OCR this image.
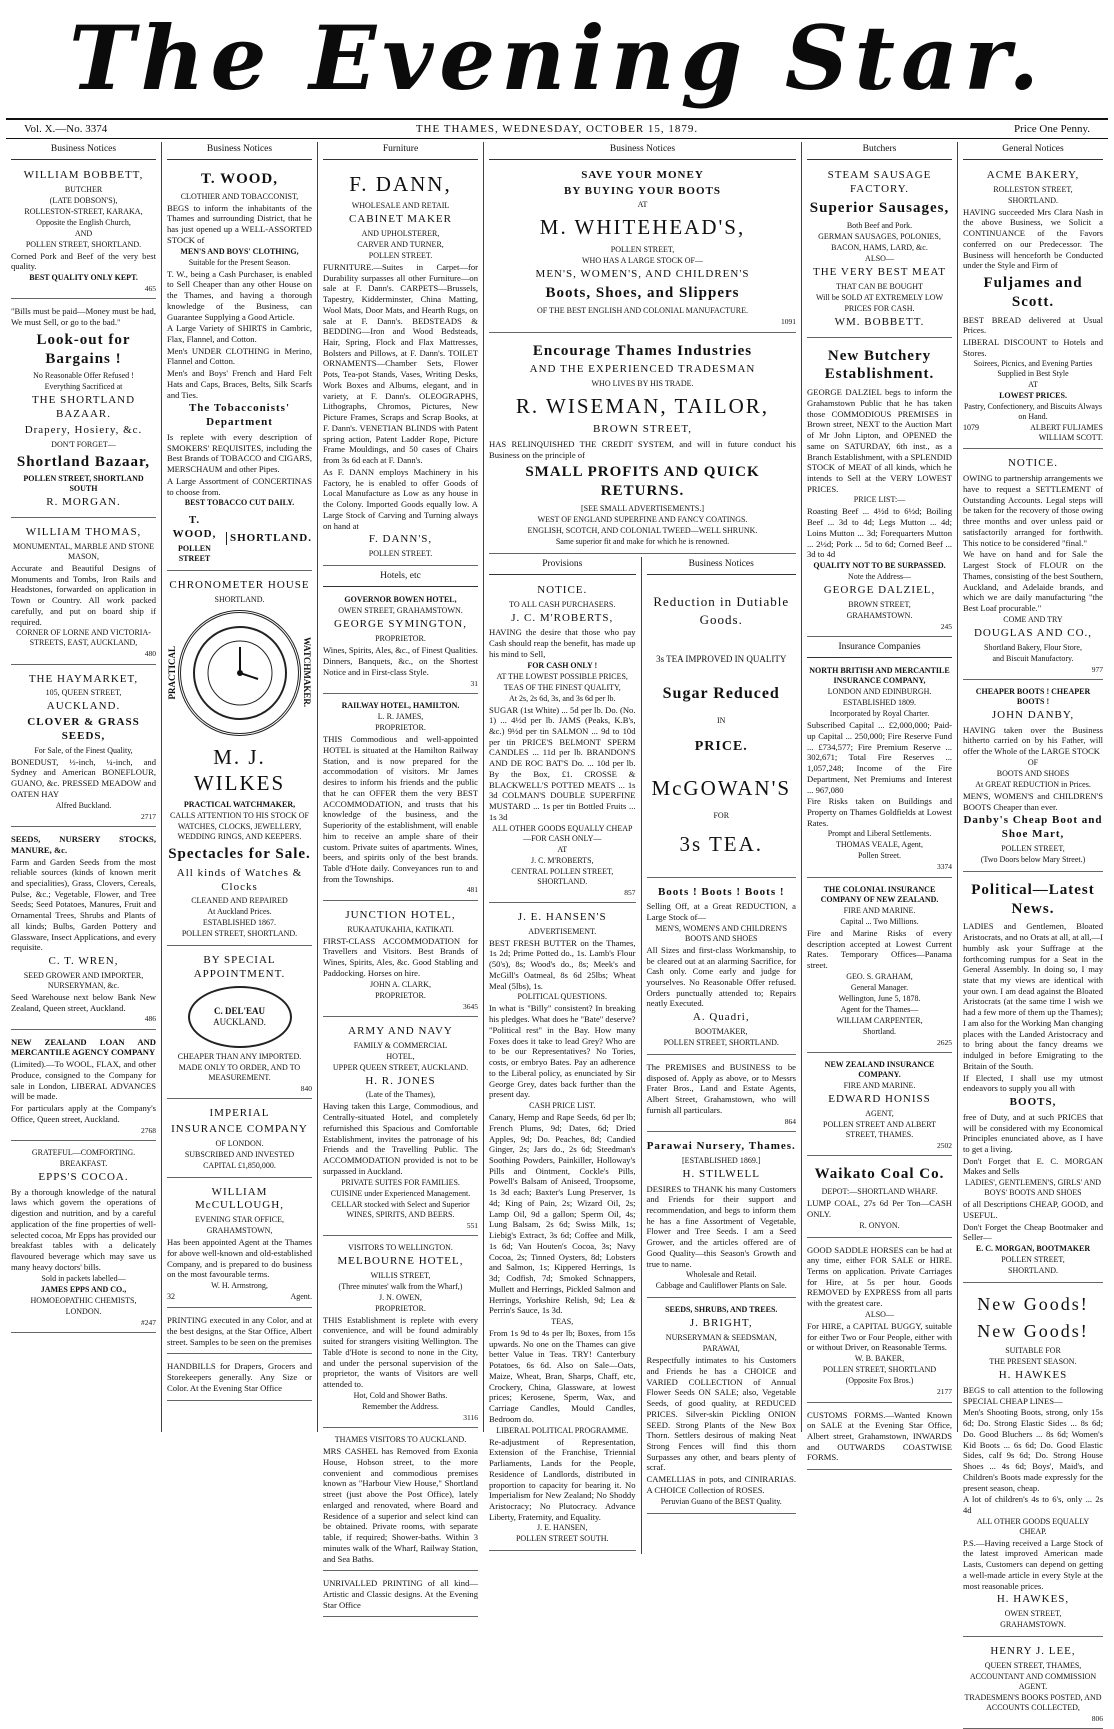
The Evening Star.
Vol. X.—No. 3374	THE THAMES, WEDNESDAY, OCTOBER 15, 1879.	Price One Penny.
Business Notices
WILLIAM BOBBETT,
BUTCHER
(LATE DOBSON'S),
ROLLESTON-STREET, KARAKA,
Opposite the English Church,
AND
POLLEN STREET, SHORTLAND.

Corned Pork and Beef of the very best quality.

BEST QUALITY ONLY KEPT.
465

"Bills must be paid—Money must be had, We must Sell, or go to the bad."

Look-out for Bargains !
No Reasonable Offer Refused !
Everything Sacrificed at
THE SHORTLAND BAZAAR.
Drapery, Hosiery, &c.
DON'T FORGET—
Shortland Bazaar,
POLLEN STREET, SHORTLAND SOUTH
R. MORGAN.
WILLIAM THOMAS,
MONUMENTAL, MARBLE AND STONE MASON,

Accurate and Beautiful Designs of Monuments and Tombs, Iron Rails and Headstones, forwarded on application in Town or Country. All work packed carefully, and put on board ship if required.

CORNER OF LORNE AND VICTORIA-STREETS, EAST, AUCKLAND,
480
THE HAYMARKET,
105, QUEEN STREET,
AUCKLAND.
CLOVER & GRASS SEEDS,
For Sale, of the Finest Quality,

BONEDUST, ½-inch, ¼-inch, and Sydney and American BONEFLOUR, GUANO, &c. PRESSED MEADOW and OATEN HAY

Alfred Buckland.
2717

SEEDS, NURSERY STOCKS, MANURE, &c.

Farm and Garden Seeds from the most reliable sources (kinds of known merit and specialities), Grass, Clovers, Cereals, Pulse, &c.; Vegetable, Flower, and Tree Seeds; Seed Potatoes, Manures, Fruit and Ornamental Trees, Shrubs and Plants of all kinds; Bulbs, Garden Pottery and Glassware, Insect Applications, and every requisite.

C. T. WREN,
SEED GROWER AND IMPORTER, NURSERYMAN, &c.

Seed Warehouse next below Bank New Zealand, Queen street, Auckland.

486

NEW ZEALAND LOAN AND MERCANTILE AGENCY COMPANY

(Limited).—To WOOL, FLAX, and other Produce, consigned to the Company for sale in London, LIBERAL ADVANCES will be made.

For particulars apply at the Company's Office, Queen street, Auckland.

2768
GRATEFUL—COMFORTING.
BREAKFAST.
EPPS'S COCOA.

By a thorough knowledge of the natural laws which govern the operations of digestion and nutrition, and by a careful application of the fine properties of well-selected cocoa, Mr Epps has provided our breakfast tables with a delicately flavoured beverage which may save us many heavy doctors' bills.

Sold in packets labelled—
JAMES EPPS AND CO.,
HOMOEOPATHIC CHEMISTS,
LONDON.
#247
Business Notices
T. WOOD,
CLOTHIER AND TOBACCONIST,

BEGS to inform the inhabitants of the Thames and surrounding District, that he has just opened up a WELL-ASSORTED STOCK of

MEN'S AND BOYS' CLOTHING,
Suitable for the Present Season.

T. W., being a Cash Purchaser, is enabled to Sell Cheaper than any other House on the Thames, and having a thorough knowledge of the Business, can Guarantee Supplying a Good Article.

A Large Variety of SHIRTS in Cambric, Flax, Flannel, and Cotton.

Men's UNDER CLOTHING in Merino, Flannel and Cotton.

Men's and Boys' French and Hard Felt Hats and Caps, Braces, Belts, Silk Scarfs and Ties.

The Tobacconists' Department

Is replete with every description of SMOKERS' REQUISITES, including the Best Brands of TOBACCO and CIGARS, MERSCHAUM and other Pipes.

A Large Assortment of CONCERTINAS to choose from.

BEST TOBACCO CUT DAILY.
T. WOOD,
POLLEN STREET
SHORTLAND.
CHRONOMETER HOUSE
SHORTLAND.
PRACTICAL	WATCHMAKER.
M. J. WILKES
PRACTICAL WATCHMAKER,
CALLS ATTENTION TO HIS STOCK OF
WATCHES, CLOCKS, JEWELLERY, WEDDING RINGS, AND KEEPERS.
Spectacles for Sale.
All kinds of Watches & Clocks
CLEANED AND REPAIRED
At Auckland Prices.
ESTABLISHED 1867.
POLLEN STREET, SHORTLAND.
BY SPECIAL APPOINTMENT.
C. DEL'EAU
AUCKLAND.
CHEAPER THAN ANY IMPORTED.
MADE ONLY TO ORDER, AND TO MEASUREMENT.
840
IMPERIAL
INSURANCE COMPANY
OF LONDON.
SUBSCRIBED AND INVESTED
CAPITAL £1,850,000.
WILLIAM McCULLOUGH,
EVENING STAR OFFICE,
GRAHAMSTOWN,

Has been appointed Agent at the Thames for above well-known and old-established Company, and is prepared to do business on the most favourable terms.

W. H. Armstrong,
32	Agent.

PRINTING executed in any Color, and at the best designs, at the Star Office, Albert street. Samples to be seen on the premises

HANDBILLS for Drapers, Grocers and Storekeepers generally. Any Size or Color. At the Evening Star Office

Furniture
F. DANN,
WHOLESALE AND RETAIL
CABINET MAKER
AND UPHOLSTERER,
CARVER AND TURNER,
POLLEN STREET.

FURNITURE.—Suites in Carpet—for Durability surpasses all other Furniture—on sale at F. Dann's. CARPETS—Brussels, Tapestry, Kidderminster, China Matting, Wool Mats, Door Mats, and Hearth Rugs, on sale at F. Dann's. BEDSTEADS & BEDDING—Iron and Wood Bedsteads, Hair, Spring, Flock and Flax Mattresses, Bolsters and Pillows, at F. Dann's. TOILET ORNAMENTS—Chamber Sets, Flower Pots, Tea-pot Stands, Vases, Writing Desks, Work Boxes and Albums, elegant, and in variety, at F. Dann's. OLEOGRAPHS, Lithographs, Chromos, Pictures, New Picture Frames, Scraps and Scrap Books, at F. Dann's. VENETIAN BLINDS with Patent spring action, Patent Ladder Rope, Picture Frame Mouldings, and 50 cases of Chairs from 3s 6d each at F. Dann's.

As F. DANN employs Machinery in his Factory, he is enabled to offer Goods of Local Manufacture as Low as any house in the Colony. Imported Goods equally low. A Large Stock of Carving and Turning always on hand at

F. DANN'S,
POLLEN STREET.
Hotels, etc
GOVERNOR BOWEN HOTEL,
OWEN STREET, GRAHAMSTOWN.
GEORGE SYMINGTON,
PROPRIETOR.

Wines, Spirits, Ales, &c., of Finest Qualities.

Dinners, Banquets, &c., on the Shortest Notice and in First-class Style.

31
RAILWAY HOTEL, HAMILTON.
L. R. JAMES,
PROPRIETOR.

THIS Commodious and well-appointed HOTEL is situated at the Hamilton Railway Station, and is now prepared for the accommodation of visitors. Mr James desires to inform his friends and the public that he can OFFER them the very BEST ACCOMMODATION, and trusts that his knowledge of the business, and the Superiority of the establishment, will enable him to receive an ample share of their custom. Private suites of apartments. Wines, beers, and spirits only of the best brands. Table d'Hote daily. Conveyances run to and from the Townships.

481
JUNCTION HOTEL,
RUKAATUKAHIA, KATIKATI.

FIRST-CLASS ACCOMMODATION for Travellers and Visitors. Best Brands of Wines, Spirits, Ales, &c. Good Stabling and Paddocking. Horses on hire.

JOHN A. CLARK,
PROPRIETOR.
3645
ARMY AND NAVY
FAMILY & COMMERCIAL
HOTEL,
UPPER QUEEN STREET, AUCKLAND.
H. R. JONES
(Late of the Thames),

Having taken this Large, Commodious, and Centrally-situated Hotel, and completely refurnished this Spacious and Comfortable Establishment, invites the patronage of his Friends and the Travelling Public. The ACCOMMODATION provided is not to be surpassed in Auckland.

PRIVATE SUITES FOR FAMILIES.
CUISINE under Experienced Management.
CELLAR stocked with Select and Superior WINES, SPIRITS, AND BEERS.
551
VISITORS TO WELLINGTON.
MELBOURNE HOTEL,
WILLIS STREET,
(Three minutes' walk from the Wharf,)
J. N. OWEN,
PROPRIETOR.

THIS Establishment is replete with every convenience, and will be found admirably suited for strangers visiting Wellington. The Table d'Hote is second to none in the City, and under the personal supervision of the proprietor, the wants of Visitors are well attended to.

Hot, Cold and Shower Baths.
Remember the Address.
3116
THAMES VISITORS TO AUCKLAND.

MRS CASHEL has Removed from Exonia House, Hobson street, to the more convenient and commodious premises known as "Harbour View House," Shortland street (just above the Post Office), lately enlarged and renovated, where Board and Residence of a superior and select kind can be obtained. Private rooms, with separate table, if required; Shower-baths. Within 3 minutes walk of the Wharf, Railway Station, and Sea Baths.

UNRIVALLED PRINTING of all kind—Artistic and Classic designs. At the Evening Star Office

Business Notices
SAVE YOUR MONEY
BY BUYING YOUR BOOTS
AT
M. WHITEHEAD'S,
POLLEN STREET,
WHO HAS A LARGE STOCK OF—
MEN'S, WOMEN'S, AND CHILDREN'S
Boots, Shoes, and Slippers
OF THE BEST ENGLISH AND COLONIAL MANUFACTURE.
1091
Encourage Thames Industries
AND THE EXPERIENCED TRADESMAN
WHO LIVES BY HIS TRADE.
R. WISEMAN, TAILOR,
BROWN STREET,

HAS RELINQUISHED THE CREDIT SYSTEM, and will in future conduct his Business on the principle of

SMALL PROFITS AND QUICK RETURNS.
[SEE SMALL ADVERTISEMENTS.]
WEST OF ENGLAND SUPERFINE AND FANCY COATINGS.
ENGLISH, SCOTCH, AND COLONIAL TWEED—WELL SHRUNK.
Same superior fit and make for which he is renowned.
Provisions
NOTICE.
TO ALL CASH PURCHASERS.
J. C. M'ROBERTS,

HAVING the desire that those who pay Cash should reap the benefit, has made up his mind to Sell,

FOR CASH ONLY !
AT THE LOWEST POSSIBLE PRICES,
TEAS OF THE FINEST QUALITY,
At 2s, 2s 6d, 3s, and 3s 6d per lb.

SUGAR (1st White) ... 5d per lb. Do. (No. 1) ... 4½d per lb. JAMS (Peaks, K.B's, &c.) 9½d per tin SALMON ... 9d to 10d per tin PRICE'S BELMONT SPERM CANDLES ... 11d per lb. BRANDON'S AND DE ROC BAT'S Do. ... 10d per lb. By the Box, £1. CROSSE & BLACKWELL'S POTTED MEATS ... 1s 3d COLMAN'S DOUBLE SUPERFINE MUSTARD ... 1s per tin Bottled Fruits ... 1s 3d

ALL OTHER GOODS EQUALLY CHEAP —FOR CASH ONLY—
AT
J. C. M'ROBERTS,
CENTRAL POLLEN STREET, SHORTLAND.
857
J. E. HANSEN'S
ADVERTISEMENT.

BEST FRESH BUTTER on the Thames, 1s 2d; Prime Potted do., 1s. Lamb's Flour (50's), 8s; Wood's do., 8s; Meek's and McGill's Oatmeal, 8s 6d 25lbs; Wheat Meal (5lbs), 1s.

POLITICAL QUESTIONS.

In what is "Billy" consistent? In breaking his pledges. What does he "Bate" deserve? "Political rest" in the Bay. How many Foxes does it take to lead Grey? Who are to be our Representatives? No Tories, costs, or embryo Bates. Pay an adherence to the Liberal policy, as enunciated by Sir George Grey, dates back further than the present day.

CASH PRICE LIST.

Canary, Hemp and Rape Seeds, 6d per lb; French Plums, 9d; Dates, 6d; Dried Apples, 9d; Do. Peaches, 8d; Candied Ginger, 2s; Jars do., 2s 6d; Steedman's Soothing Powders, Painkiller, Holloway's Pills and Ointment, Cockle's Pills, Powell's Balsam of Aniseed, Troopsome, 1s 3d each; Baxter's Lung Preserver, 1s 4d; King of Pain, 2s; Wizard Oil, 2s; Lamp Oil, 9d a gallon; Sperm Oil, 4s; Lung Balsam, 2s 6d; Swiss Milk, 1s; Liebig's Extract, 3s 6d; Coffee and Milk, 1s 6d; Van Houten's Cocoa, 3s; Navy Cocoa, 2s; Tinned Oysters, 8d; Lobsters and Salmon, 1s; Kippered Herrings, 1s 3d; Codfish, 7d; Smoked Schnappers, Mullett and Herrings, Pickled Salmon and Herrings, Yorkshire Relish, 9d; Lea & Perrin's Sauce, 1s 3d.

TEAS,

From 1s 9d to 4s per lb; Boxes, from 15s upwards. No one on the Thames can give better Value in Teas. TRY! Canterbury Potatoes, 6s 6d. Also on Sale—Oats, Maize, Wheat, Bran, Sharps, Chaff, etc, Crockery, China, Glassware, at lowest prices; Kerosene, Sperm, Wax, and Carriage Candles, Mould Candles, Bedroom do.

LIBERAL POLITICAL PROGRAMME.

Re-adjustment of Representation, Extension of the Franchise, Triennial Parliaments, Lands for the People, Residence of Landlords, distributed in proportion to capacity for bearing it. No Imperialism for New Zealand; No Shoddy Aristocracy; No Plutocracy. Advance Liberty, Fraternity, and Equality.

J. E. HANSEN,
POLLEN STREET SOUTH.
Business Notices
Reduction in Dutiable
Goods.
3s TEA IMPROVED IN QUALITY
Sugar Reduced
IN
PRICE.
McGOWAN'S
FOR
3s TEA.
Boots ! Boots ! Boots !

Selling Off, at a Great REDUCTION, a Large Stock of—

MEN'S, WOMEN'S AND CHILDREN'S BOOTS AND SHOES

All Sizes and first-class Workmanship, to be cleared out at an alarming Sacrifice, for Cash only. Come early and judge for yourselves. No Reasonable Offer refused. Orders punctually attended to; Repairs neatly Executed.

A. Quadri,
BOOTMAKER,
POLLEN STREET, SHORTLAND.

The PREMISES and BUSINESS to be disposed of. Apply as above, or to Messrs Frater Bros., Land and Estate Agents, Albert Street, Grahamstown, who will furnish all particulars.

864
Parawai Nursery, Thames.
[ESTABLISHED 1869.]
H. STILWELL

DESIRES to THANK his many Customers and Friends for their support and recommendation, and begs to inform them he has a fine Assortment of Vegetable, Flower and Tree Seeds. I am a Seed Grower, and the articles offered are of Good Quality—this Season's Growth and true to name.

Wholesale and Retail.
Cabbage and Cauliflower Plants on Sale.
SEEDS, SHRUBS, AND TREES.
J. BRIGHT,
NURSERYMAN & SEEDSMAN,
PARAWAI,

Respectfully intimates to his Customers and Friends he has a CHOICE and VARIED COLLECTION of Annual Flower Seeds ON SALE; also, Vegetable Seeds, of good quality, at REDUCED PRICES. Silver-skin Pickling ONION SEED. Strong Plants of the New Box Thorn. Settlers desirous of making Neat Strong Fences will find this thorn Surpasses any other, and bears plenty of scraf.

CAMELLIAS in pots, and CINIRARIAS. A CHOICE Collection of ROSES.

Peruvian Guano of the BEST Quality.
Butchers
STEAM SAUSAGE FACTORY.
Superior Sausages,
Both Beef and Pork.
GERMAN SAUSAGES, POLONIES,
BACON, HAMS, LARD, &c.
ALSO—
THE VERY BEST MEAT
THAT CAN BE BOUGHT
Will be SOLD AT EXTREMELY LOW
PRICES FOR CASH.
WM. BOBBETT.
New Butchery Establishment.

GEORGE DALZIEL begs to inform the Grahamstown Public that he has taken those COMMODIOUS PREMISES in Brown street, NEXT to the Auction Mart of Mr John Lipton, and OPENED the same on SATURDAY, 6th inst., as a Branch Establishment, with a SPLENDID STOCK of MEAT of all kinds, which he intends to Sell at the VERY LOWEST PRICES.

PRICE LIST:—

Roasting Beef ... 4½d to 6½d; Boiling Beef ... 3d to 4d; Legs Mutton ... 4d; Loins Mutton ... 3d; Forequarters Mutton ... 2½d; Pork ... 5d to 6d; Corned Beef ... 3d to 4d

QUALITY NOT TO BE SURPASSED.
Note the Address—
GEORGE DALZIEL,
BROWN STREET,
GRAHAMSTOWN.
245
Insurance Companies
NORTH BRITISH AND MERCANTILE INSURANCE COMPANY,
LONDON AND EDINBURGH.
ESTABLISHED 1809.
Incorporated by Royal Charter.

Subscribed Capital ... £2,000,000; Paid-up Capital ... 250,000; Fire Reserve Fund ... £734,577; Fire Premium Reserve ... 302,671; Total Fire Reserves ... 1,057,248; Income of the Fire Department, Net Premiums and Interest ... 967,080

Fire Risks taken on Buildings and Property on Thames Goldfields at Lowest Rates.

Prompt and Liberal Settlements.
THOMAS VEALE, Agent,
Pollen Street.
3374
THE COLONIAL INSURANCE COMPANY OF NEW ZEALAND.
FIRE AND MARINE.
Capital ... Two Millions.

Fire and Marine Risks of every description accepted at Lowest Current Rates. Temporary Offices—Panama street.

GEO. S. GRAHAM,
General Manager.
Wellington, June 5, 1878.
Agent for the Thames—
WILLIAM CARPENTER,
Shortland.
2625
NEW ZEALAND INSURANCE COMPANY.
FIRE AND MARINE.
EDWARD HONISS
AGENT,
POLLEN STREET AND ALBERT STREET, THAMES.
2502
Waikato Coal Co.
DEPOT:—SHORTLAND WHARF.

LUMP COAL, 27s 6d Per Ton—CASH ONLY.

R. ONYON.

GOOD SADDLE HORSES can be had at any time, either FOR SALE or HIRE. Terms on application. Private Carriages for Hire, at 5s per hour. Goods REMOVED by EXPRESS from all parts with the greatest care.

ALSO—

For HIRE, a CAPITAL BUGGY, suitable for either Two or Four People, either with or without Driver, on Reasonable Terms.

W. B. BAKER,
POLLEN STREET, SHORTLAND
(Opposite Fox Bros.)
2177

CUSTOMS FORMS.—Wanted Known on SALE at the Evening Star Office, Albert street, Grahamstown, INWARDS and OUTWARDS COASTWISE FORMS.

General Notices
ACME BAKERY,
ROLLESTON STREET,
SHORTLAND.

HAVING succeeded Mrs Clara Nash in the above Business, we Solicit a CONTINUANCE of the Favors conferred on our Predecessor. The Business will henceforth be Conducted under the Style and Firm of

Fuljames and Scott.

BEST BREAD delivered at Usual Prices.

LIBERAL DISCOUNT to Hotels and Stores.

Soirees, Picnics, and Evening Parties Supplied in Best Style
AT
LOWEST PRICES.
Pastry, Confectionery, and Biscuits Always on Hand.
1079	ALBERT FULJAMES
WILLIAM SCOTT.
NOTICE.

OWING to partnership arrangements we have to request a SETTLEMENT of Outstanding Accounts. Legal steps will be taken for the recovery of those owing three months and over unless paid or satisfactorily arranged for forthwith. This notice to be considered "final."

We have on hand and for Sale the Largest Stock of FLOUR on the Thames, consisting of the best Southern, Auckland, and Adelaide brands, and which we are daily manufacturing "the Best Loaf procurable."

COME AND TRY
DOUGLAS AND CO.,
Shortland Bakery, Flour Store,
and Biscuit Manufactory.
977
CHEAPER BOOTS ! CHEAPER BOOTS !
JOHN DANBY,

HAVING taken over the Business hitherto carried on by his Father, will offer the Whole of the LARGE STOCK

OF
BOOTS AND SHOES
At GREAT REDUCTION in Prices.

MEN'S, WOMEN'S and CHILDREN'S BOOTS Cheaper than ever.

Danby's Cheap Boot and Shoe Mart,
POLLEN STREET,
(Two Doors below Mary Street.)
Political—Latest News.

LADIES and Gentlemen, Bloated Aristocrats, and no Orats at all, at all,—I humbly ask your Suffrage at the forthcoming rumpus for a Seat in the General Assembly. In doing so, I may state that my views are identical with your own. I am dead against the Bloated Aristocrats (at the same time I wish we had a few more of them up the Thames); I am also for the Working Man changing places with the Landed Aristocracy and to bring about the fancy dreams we indulged in before Emigrating to the Britain of the South.

If Elected, I shall use my utmost endeavors to supply you all with

BOOTS,

free of Duty, and at such PRICES that will be considered with my Economical Principles enunciated above, as I have to get a living.

Don't Forget that E. C. MORGAN Makes and Sells

LADIES', GENTLEMEN'S, GIRLS' AND BOYS' BOOTS AND SHOES

of all Descriptions CHEAP, GOOD, and USEFUL.

Don't Forget the Cheap Bootmaker and Seller—

E. C. MORGAN, BOOTMAKER
POLLEN STREET,
SHORTLAND.
New Goods!
New Goods!
SUITABLE FOR
THE PRESENT SEASON.
H. HAWKES

BEGS to call attention to the following SPECIAL CHEAP LINES—

Men's Shooting Boots, strong, only 15s 6d; Do. Strong Elastic Sides ... 8s 6d; Do. Good Bluchers ... 8s 6d; Women's Kid Boots ... 6s 6d; Do. Good Elastic Sides, calf 9s 6d; Do. Strong House Shoes ... 4s 6d; Boys', Maid's, and Children's Boots made expressly for the present season, cheap.

A lot of children's 4s to 6's, only ... 2s 4d

ALL OTHER GOODS EQUALLY CHEAP.

P.S.—Having received a Large Stock of the latest improved American made Lasts, Customers can depend on getting a well-made article in every Style at the most reasonable prices.

H. HAWKES,
OWEN STREET,
GRAHAMSTOWN.
HENRY J. LEE,
QUEEN STREET, THAMES,
ACCOUNTANT AND COMMISSION AGENT.
TRADESMEN'S BOOKS POSTED, AND ACCOUNTS COLLECTED,
806
